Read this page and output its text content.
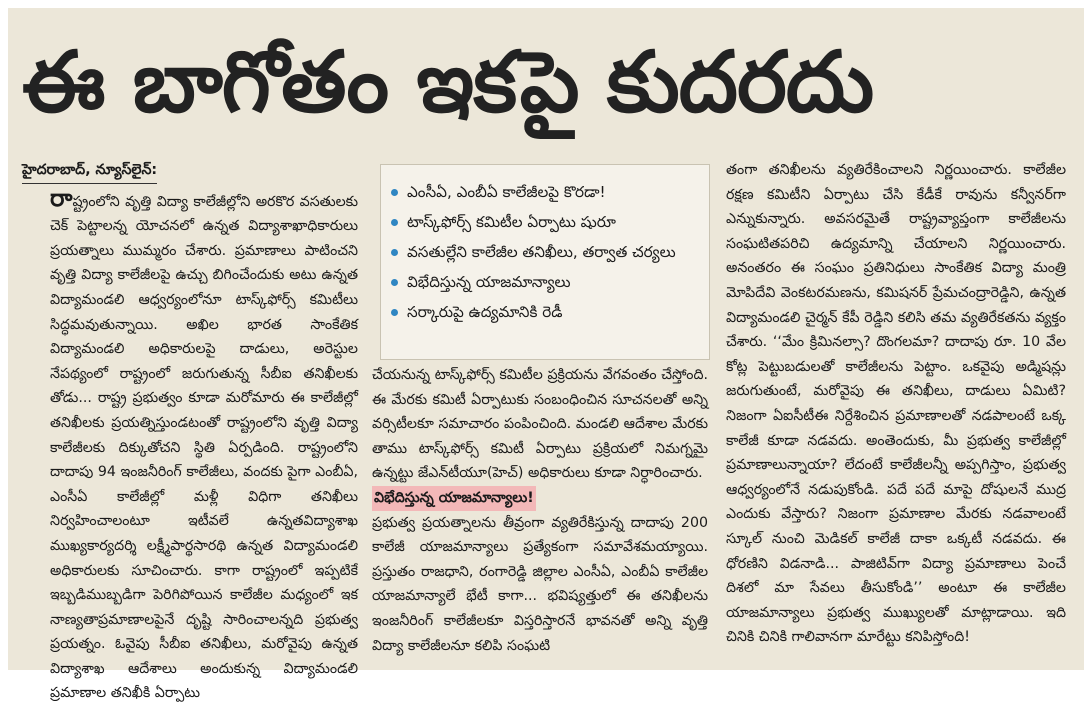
ఈ బాగోతం ఇకపై కుదరదు
హైదరాబాద్, న్యూస్‌లైన్:

రాష్ట్రంలోని వృత్తి విద్యా కాలేజీల్లోని అరకొర వసతులకు చెక్ పెట్టాలన్న యోచనలో ఉన్నత విద్యాశాఖాధికారులు ప్రయత్నాలు ముమ్మరం చేశారు. ప్రమాణాలు పాటించని వృత్తి విద్యా కాలేజీలపై ఉచ్చు బిగించేందుకు అటు ఉన్నత విద్యామండలి ఆధ్వర్యంలోనూ టాస్క్‌ఫోర్స్ కమిటీలు సిద్ధమవుతున్నాయి. అఖిల భారత సాంకేతిక విద్యామండలి అధికారులపై దాడులు, అరెస్టుల నేపథ్యంలో రాష్ట్రంలో జరుగుతున్న సీబీఐ తనిఖీలకు తోడు... రాష్ట్ర ప్రభుత్వం కూడా మరోమారు ఈ కాలేజీల్లో తనిఖీలకు ప్రయత్నిస్తుండటంతో రాష్ట్రంలోని వృత్తి విద్యా కాలేజీలకు దిక్కుతోచని స్థితి ఏర్పడింది. రాష్ట్రంలోని దాదాపు 94 ఇంజనీరింగ్ కాలేజీలు, వందకు పైగా ఎంబీఏ, ఎంసీఏ కాలేజీల్లో మళ్లీ విధిగా తనిఖీలు నిర్వహించాలంటూ ఇటీవలే ఉన్నతవిద్యాశాఖ ముఖ్యకార్యదర్శి లక్ష్మీపార్థసారథి ఉన్నత విద్యామండలి అధికారులకు సూచించారు. కాగా రాష్ట్రంలో ఇప్పటికే ఇబ్బడిముబ్బడిగా పెరిగిపోయిన కాలేజీల మధ్యంలో ఇక నాణ్యతాప్రమాణాలపైనే దృష్టి సారించాలన్నది ప్రభుత్వ ప్రయత్నం. ఓవైపు సీబీఐ తనిఖీలు, మరోవైపు ఉన్నత విద్యాశాఖ ఆదేశాలు అందుకున్న విద్యామండలి ప్రమాణాల తనిఖీకి ఏర్పాటు

ఎంసీఏ, ఎంబీఏ కాలేజీలపై కొరడా!
టాస్క్‌ఫోర్స్ కమిటీల ఏర్పాటు షురూ
వసతుల్లేని కాలేజీల తనిఖీలు, తర్వాత చర్యలు
విభేదిస్తున్న యాజమాన్యాలు
సర్కారుపై ఉద్యమానికి రెడీ

చేయనున్న టాస్క్‌ఫోర్స్ కమిటీల ప్రక్రియను వేగవంతం చేస్తోంది. ఈ మేరకు కమిటీ ఏర్పాటుకు సంబంధించిన సూచనలతో అన్ని వర్సిటీలకూ సమాచారం పంపించింది. మండలి ఆదేశాల మేరకు తాము టాస్క్‌ఫోర్స్ కమిటీ ఏర్పాటు ప్రక్రియలో నిమగ్నమై ఉన్నట్టు జేఎన్‌టీయూ(హెచ్) అధికారులు కూడా నిర్ధారించారు.

విభేదిస్తున్న యాజమాన్యాలు!

ప్రభుత్వ ప్రయత్నాలను తీవ్రంగా వ్యతిరేకిస్తున్న దాదాపు 200 కాలేజీ యాజమాన్యాలు ప్రత్యేకంగా సమావేశమయ్యాయి. ప్రస్తుతం రాజధాని, రంగారెడ్డి జిల్లాల ఎంసీఏ, ఎంబీఏ కాలేజీల యాజమాన్యాలే భేటీ కాగా... భవిష్యత్తులో ఈ తనిఖీలను ఇంజనీరింగ్ కాలేజీలకూ విస్తరిస్తారనే భావనతో అన్ని వృత్తి విద్యా కాలేజీలనూ కలిపి సంఘటి

తంగా తనిఖీలను వ్యతిరేకించాలని నిర్ణయించారు. కాలేజీల రక్షణ కమిటీని ఏర్పాటు చేసి కేడీకే రావును కన్వీనర్‌గా ఎన్నుకున్నారు. అవసరమైతే రాష్ట్రవ్యాప్తంగా కాలేజీలను సంఘటితపరిచి ఉద్యమాన్ని చేయాలని నిర్ణయించారు. అనంతరం ఈ సంఘం ప్రతినిధులు సాంకేతిక విద్యా మంత్రి మోపిదేవి వెంకటరమణను, కమిషనర్ ప్రేమచంద్రారెడ్డిని, ఉన్నత విద్యామండలి చైర్మన్ కేపీ రెడ్డిని కలిసి తమ వ్యతిరేకతను వ్యక్తం చేశారు. ‘‘మేం క్రిమినల్సా? దొంగలమా? దాదాపు రూ. 10 వేల కోట్ల పెట్టుబడులతో కాలేజీలను పెట్టాం. ఒకవైపు అడ్మిషన్లు జరుగుతుంటే, మరోవైపు ఈ తనిఖీలు, దాడులు ఏమిటి? నిజంగా ఏఐసీటీఈ నిర్దేశించిన ప్రమాణాలతో నడపాలంటే ఒక్క కాలేజీ కూడా నడవదు. అంతెందుకు, మీ ప్రభుత్వ కాలేజీల్లో ప్రమాణాలున్నాయా? లేదంటే కాలేజీలన్నీ అప్పగిస్తాం, ప్రభుత్వ ఆధ్వర్యంలోనే నడుపుకోండి. పదే పదే మాపై దోషులనే ముద్ర ఎందుకు వేస్తారు? నిజంగా ప్రమాణాల మేరకు నడవాలంటే స్కూల్ నుంచి మెడికల్ కాలేజీ దాకా ఒక్కటీ నడవదు. ఈ ధోరణిని విడనాడి... పాజిటివ్‌గా విద్యా ప్రమాణాలు పెంచే దిశలో మా సేవలు తీసుకోండి’’ అంటూ ఈ కాలేజీల యాజమాన్యాలు ప్రభుత్వ ముఖ్యులతో మాట్లాడాయి. ఇది చినికి చినికి గాలివానగా మారేట్టు కనిపిస్తోంది!
